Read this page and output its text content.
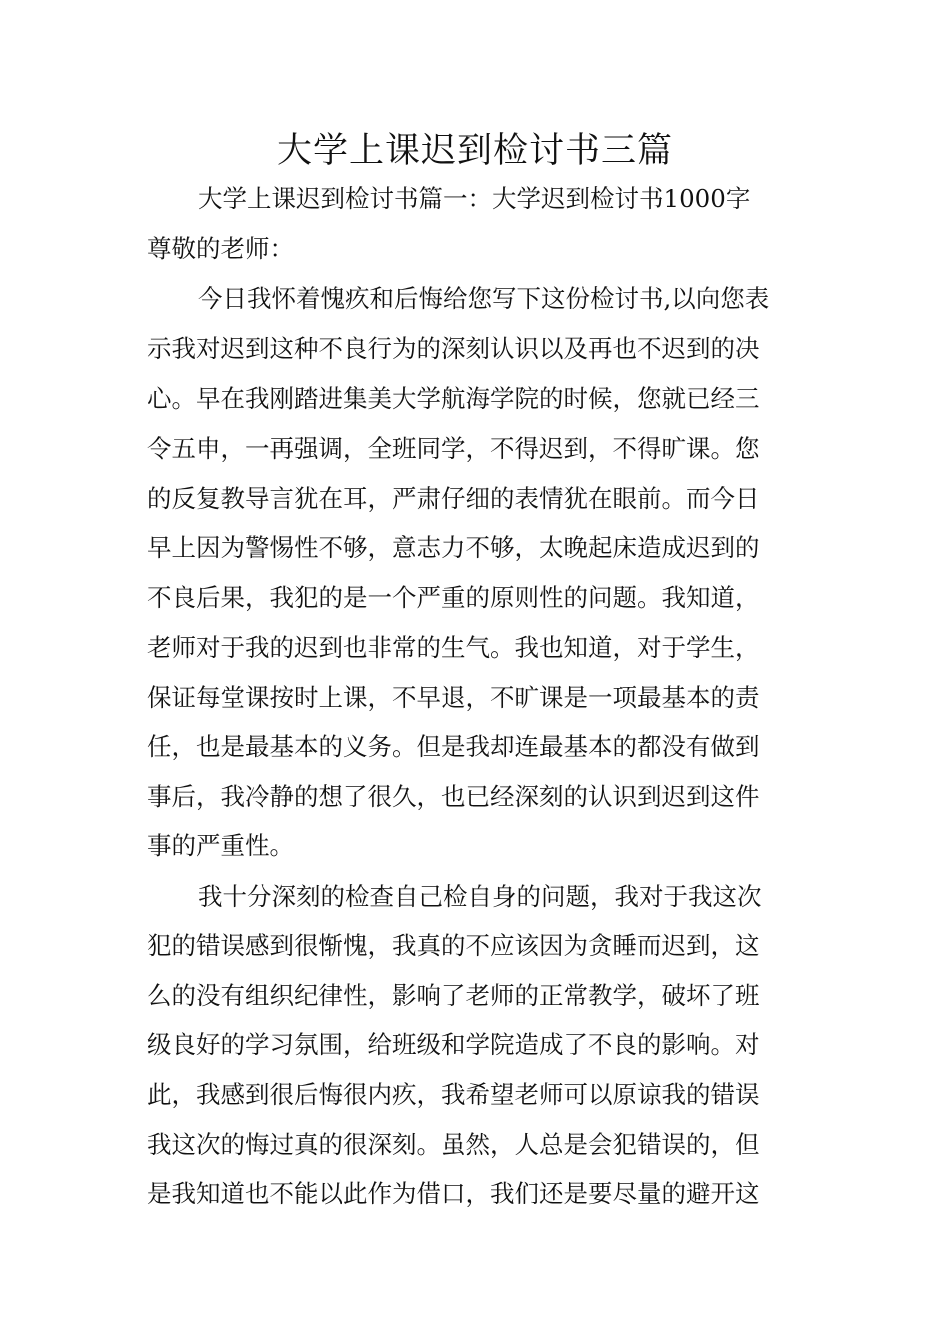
大学上课迟到检讨书三篇
大学上课迟到检讨书篇一：大学迟到检讨书1000字
尊敬的老师：
今日我怀着愧疚和后悔给您写下这份检讨书,以向您表
示我对迟到这种不良行为的深刻认识以及再也不迟到的决
心。早在我刚踏进集美大学航海学院的时候，您就已经三
令五申，一再强调，全班同学，不得迟到，不得旷课。您
的反复教导言犹在耳，严肃仔细的表情犹在眼前。而今日
早上因为警惕性不够，意志力不够，太晚起床造成迟到的
不良后果，我犯的是一个严重的原则性的问题。我知道，
老师对于我的迟到也非常的生气。我也知道，对于学生，
保证每堂课按时上课，不早退，不旷课是一项最基本的责
任，也是最基本的义务。但是我却连最基本的都没有做到
事后，我冷静的想了很久，也已经深刻的认识到迟到这件
事的严重性。
我十分深刻的检查自己检自身的问题，我对于我这次
犯的错误感到很惭愧，我真的不应该因为贪睡而迟到，这
么的没有组织纪律性，影响了老师的正常教学，破坏了班
级良好的学习氛围，给班级和学院造成了不良的影响。对
此，我感到很后悔很内疚，我希望老师可以原谅我的错误
我这次的悔过真的很深刻。虽然，人总是会犯错误的，但
是我知道也不能以此作为借口，我们还是要尽量的避开这
